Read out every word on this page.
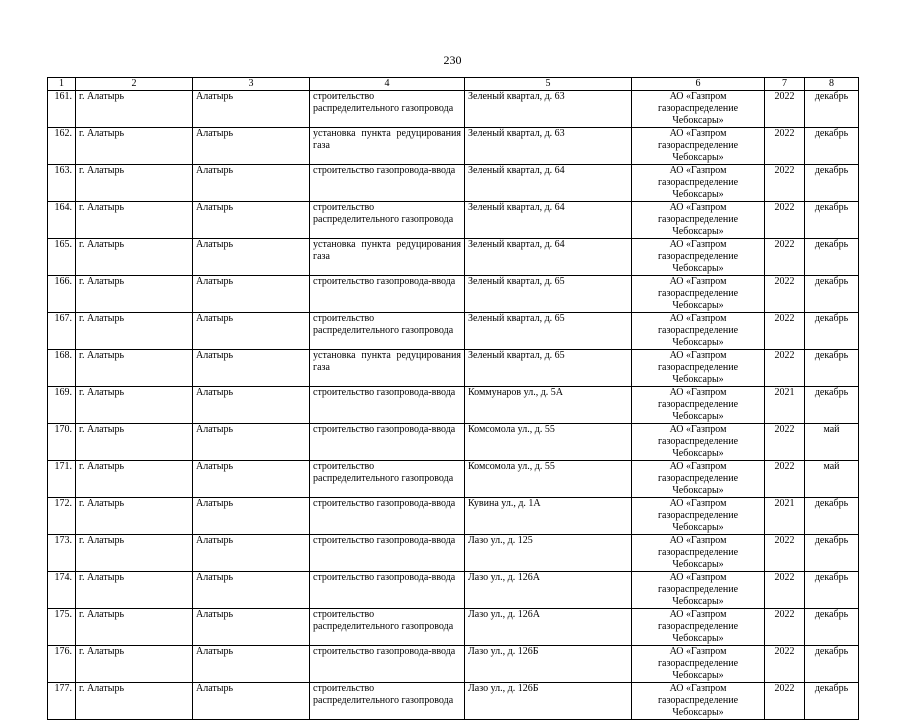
230
1	2	3	4	5	6	7	8
161.	г. Алатырь	Алатырь	строительство распределительного газопровода	Зеленый квартал, д. 63	АО «Газпром газораспределение Чебоксары»	2022	декабрь
162.	г. Алатырь	Алатырь	установка пункта редуцирования газа	Зеленый квартал, д. 63	АО «Газпром газораспределение Чебоксары»	2022	декабрь
163.	г. Алатырь	Алатырь	строительство газопровода-ввода	Зеленый квартал, д. 64	АО «Газпром газораспределение Чебоксары»	2022	декабрь
164.	г. Алатырь	Алатырь	строительство распределительного газопровода	Зеленый квартал, д. 64	АО «Газпром газораспределение Чебоксары»	2022	декабрь
165.	г. Алатырь	Алатырь	установка пункта редуцирования газа	Зеленый квартал, д. 64	АО «Газпром газораспределение Чебоксары»	2022	декабрь
166.	г. Алатырь	Алатырь	строительство газопровода-ввода	Зеленый квартал, д. 65	АО «Газпром газораспределение Чебоксары»	2022	декабрь
167.	г. Алатырь	Алатырь	строительство распределительного газопровода	Зеленый квартал, д. 65	АО «Газпром газораспределение Чебоксары»	2022	декабрь
168.	г. Алатырь	Алатырь	установка пункта редуцирования газа	Зеленый квартал, д. 65	АО «Газпром газораспределение Чебоксары»	2022	декабрь
169.	г. Алатырь	Алатырь	строительство газопровода-ввода	Коммунаров ул., д. 5А	АО «Газпром газораспределение Чебоксары»	2021	декабрь
170.	г. Алатырь	Алатырь	строительство газопровода-ввода	Комсомола ул., д. 55	АО «Газпром газораспределение Чебоксары»	2022	май
171.	г. Алатырь	Алатырь	строительство распределительного газопровода	Комсомола ул., д. 55	АО «Газпром газораспределение Чебоксары»	2022	май
172.	г. Алатырь	Алатырь	строительство газопровода-ввода	Кувина ул., д. 1А	АО «Газпром газораспределение Чебоксары»	2021	декабрь
173.	г. Алатырь	Алатырь	строительство газопровода-ввода	Лазо ул., д. 125	АО «Газпром газораспределение Чебоксары»	2022	декабрь
174.	г. Алатырь	Алатырь	строительство газопровода-ввода	Лазо ул., д. 126А	АО «Газпром газораспределение Чебоксары»	2022	декабрь
175.	г. Алатырь	Алатырь	строительство распределительного газопровода	Лазо ул., д. 126А	АО «Газпром газораспределение Чебоксары»	2022	декабрь
176.	г. Алатырь	Алатырь	строительство газопровода-ввода	Лазо ул., д. 126Б	АО «Газпром газораспределение Чебоксары»	2022	декабрь
177.	г. Алатырь	Алатырь	строительство распределительного газопровода	Лазо ул., д. 126Б	АО «Газпром газораспределение Чебоксары»	2022	декабрь
